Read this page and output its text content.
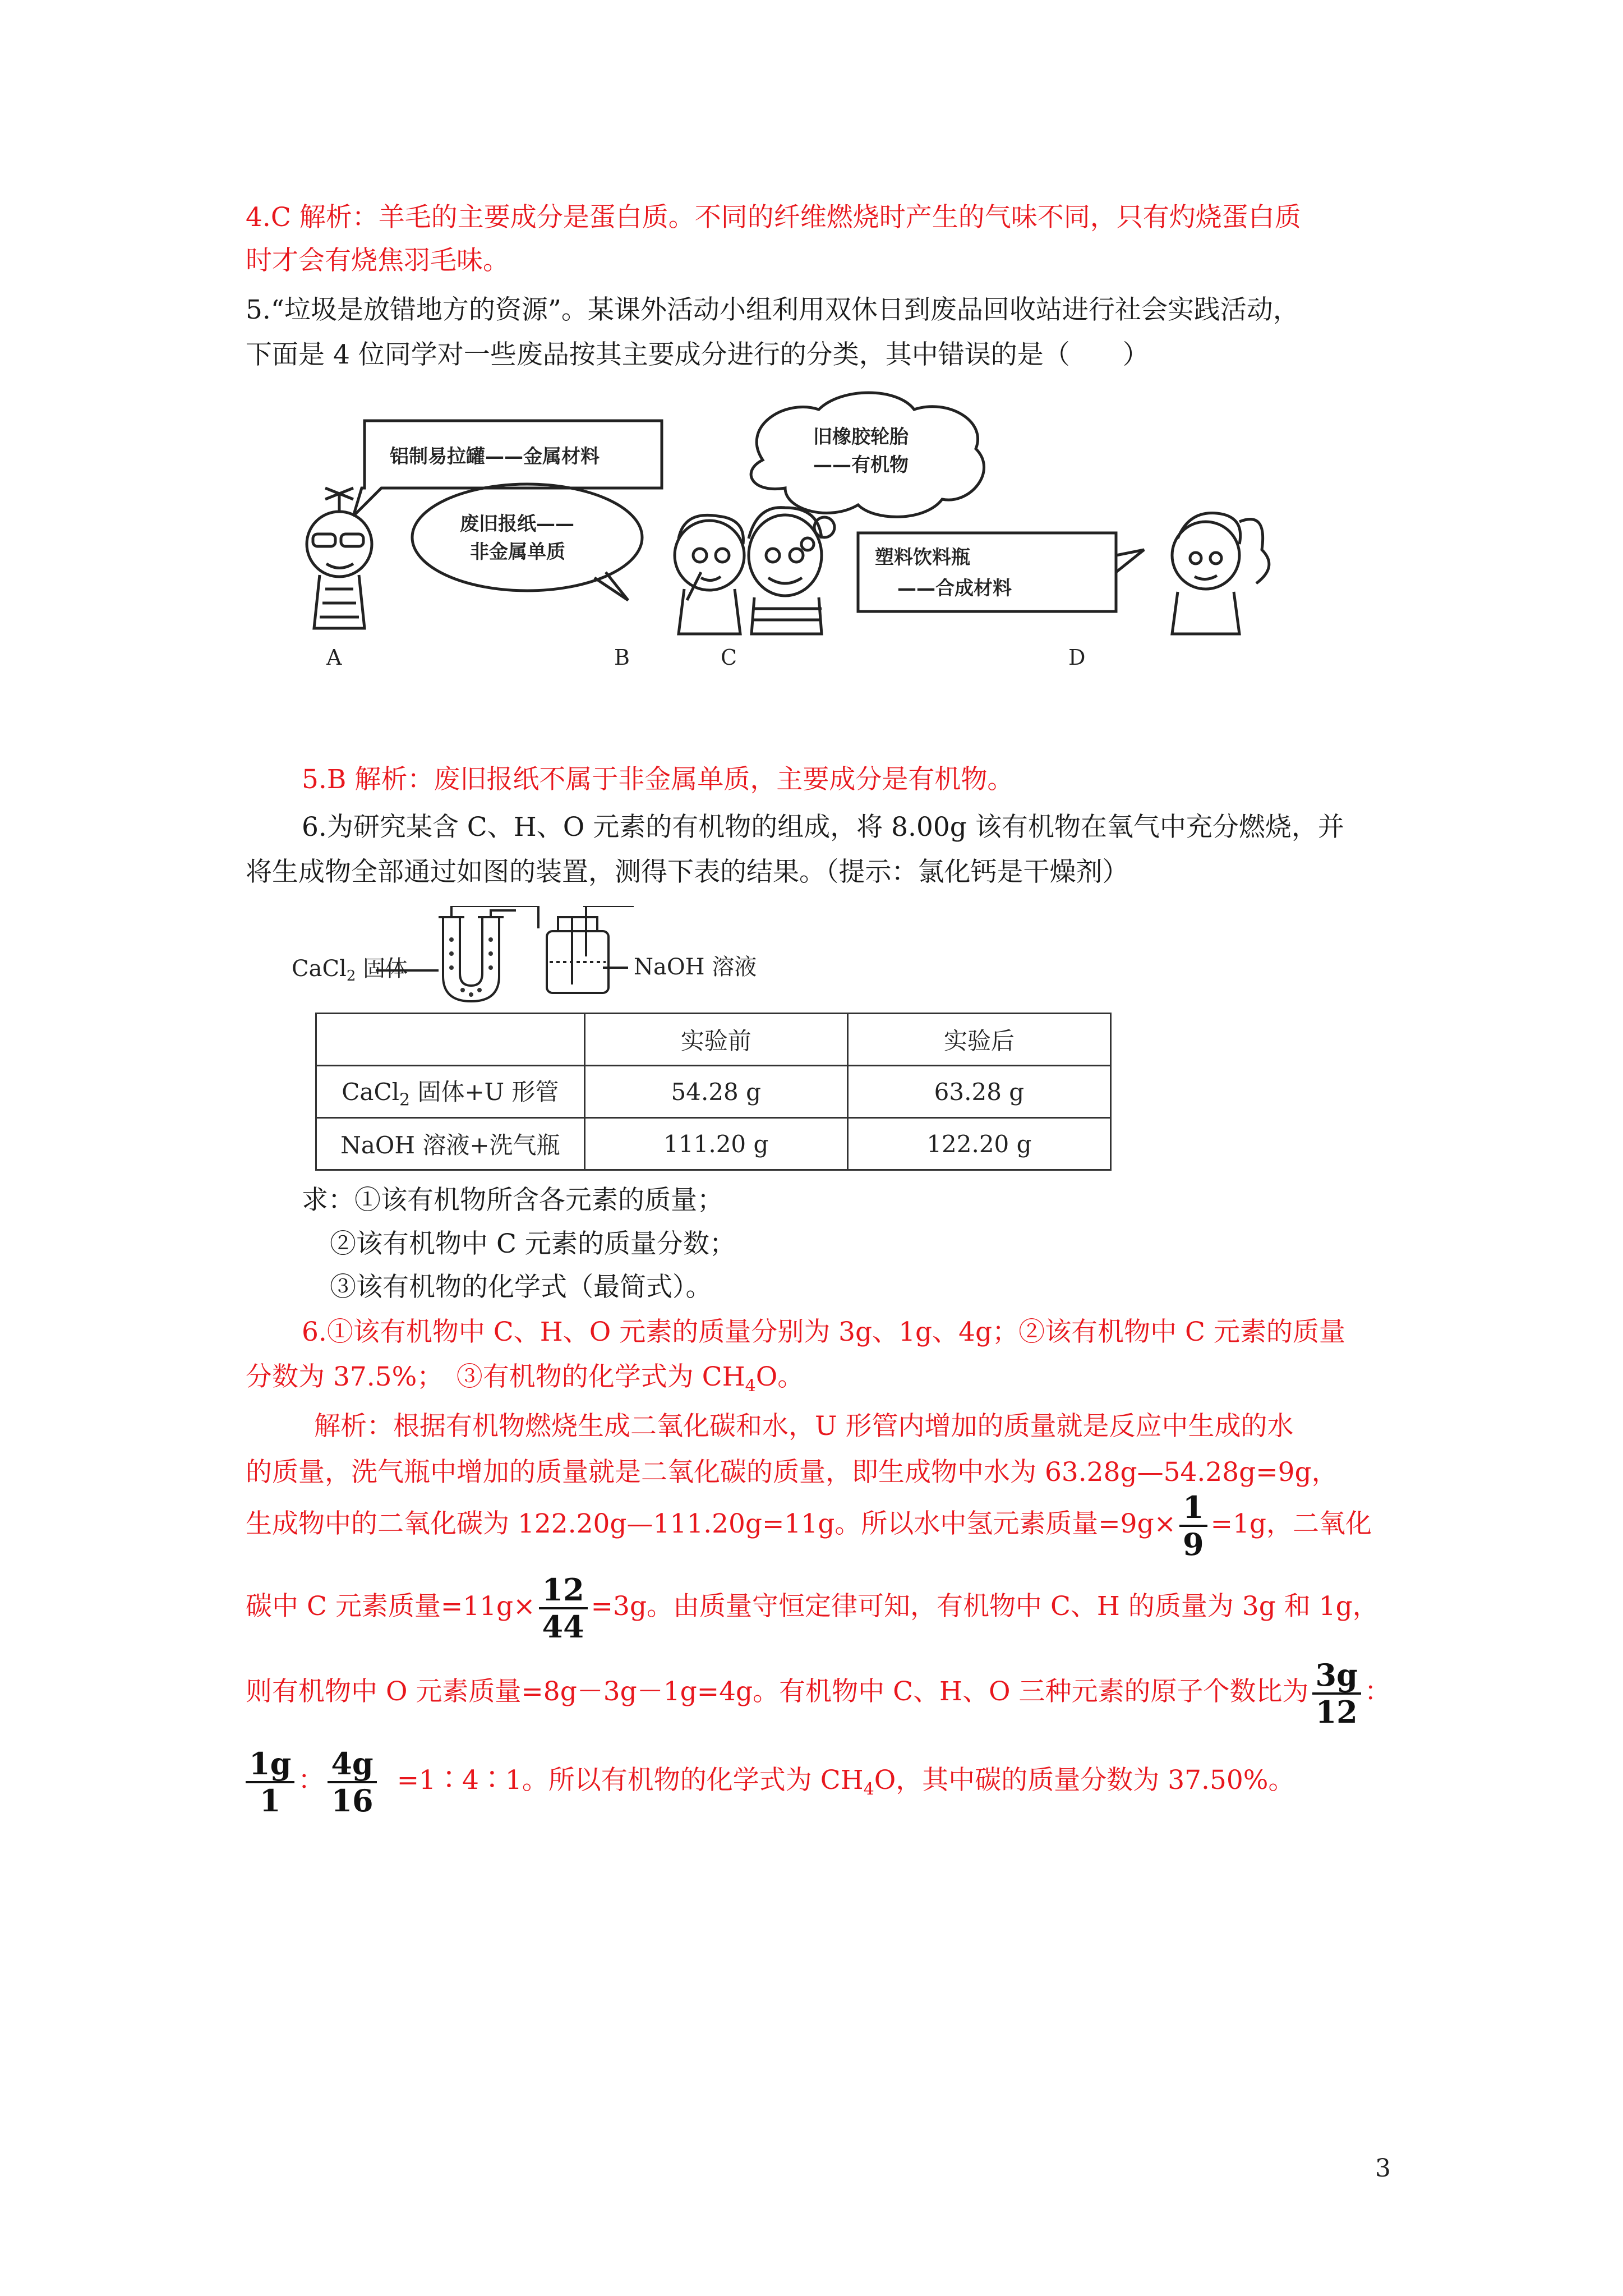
4.C 解析：羊毛的主要成分是蛋白质。不同的纤维燃烧时产生的气味不同，只有灼烧蛋白质
时才会有烧焦羽毛味。
5.“垃圾是放错地方的资源”。某课外活动小组利用双休日到废品回收站进行社会实践活动，
下面是 4 位同学对一些废品按其主要成分进行的分类，其中错误的是（　　）
铝制易拉罐——金属材料
废旧报纸——
非金属单质
旧橡胶轮胎
——有机物
塑料饮料瓶
——合成材料
A	B	C	D
5.B 解析：废旧报纸不属于非金属单质，主要成分是有机物。
6.为研究某含 C、H、O 元素的有机物的组成，将 8.00g 该有机物在氧气中充分燃烧，并
将生成物全部通过如图的装置，测得下表的结果。（提示：氯化钙是干燥剂）
CaCl$_2$ 固体	NaOH 溶液
	实验前	实验后
CaCl$_2$ 固体+U 形管	54.28 g	63.28 g
NaOH 溶液+洗气瓶	111.20 g	122.20 g
求：①该有机物所含各元素的质量；
②该有机物中 C 元素的质量分数；
③该有机物的化学式（最简式）。
6.①该有机物中 C、H、O 元素的质量分别为 3g、1g、4g；②该有机物中 C 元素的质量
分数为 37.5%；　③有机物的化学式为 $CH_4O$。
解析：根据有机物燃烧生成二氧化碳和水，U 形管内增加的质量就是反应中生成的水
的质量，洗气瓶中增加的质量就是二氧化碳的质量，即生成物中水为 63.28g—54.28g=9g，
生成物中的二氧化碳为 122.20g—111.20g=11g。所以水中氢元素质量$=9g\times \frac{1}{9} =1g$，二氧化
碳中 C 元素质量$=11g\times \frac{12}{44} =3g$。由质量守恒定律可知，有机物中 C、H 的质量为 3g 和 1g，
则有机物中 O 元素质量=8g－3g－1g=4g。有机物中 C、H、O 三种元素的原子个数比为 $\frac{3g}{12}$ ：
$\frac{1g}{1}$ ： $\frac{4g}{16}$ =1∶4∶1。所以有机物的化学式为 $CH_4O$，其中碳的质量分数为 37.50%。
3
